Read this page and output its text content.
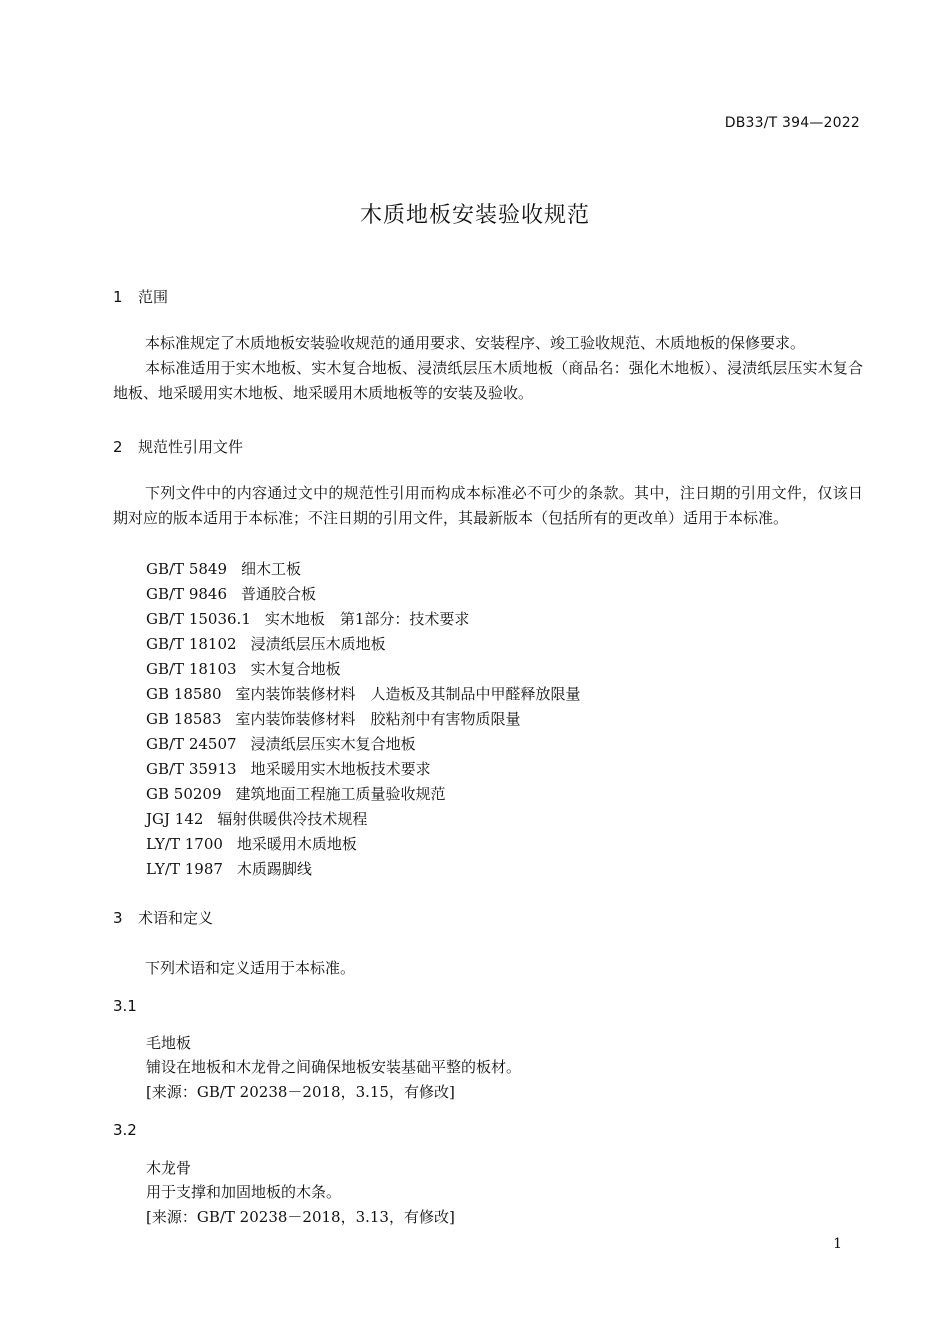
DB33/T 394—2022
木质地板安装验收规范
1 范围
本标准规定了木质地板安装验收规范的通用要求、安装程序、竣工验收规范、木质地板的保修要求。
本标准适用于实木地板、实木复合地板、浸渍纸层压木质地板（商品名：强化木地板）、浸渍纸层压实木复合地板、地采暖用实木地板、地采暖用木质地板等的安装及验收。
2 规范性引用文件
下列文件中的内容通过文中的规范性引用而构成本标准必不可少的条款。其中，注日期的引用文件，仅该日期对应的版本适用于本标准；不注日期的引用文件，其最新版本（包括所有的更改单）适用于本标准。
GB/T 5849 细木工板
GB/T 9846 普通胶合板
GB/T 15036.1 实木地板　第1部分：技术要求
GB/T 18102 浸渍纸层压木质地板
GB/T 18103 实木复合地板
GB 18580 室内装饰装修材料　人造板及其制品中甲醛释放限量
GB 18583 室内装饰装修材料　胶粘剂中有害物质限量
GB/T 24507 浸渍纸层压实木复合地板
GB/T 35913 地采暖用实木地板技术要求
GB 50209 建筑地面工程施工质量验收规范
JGJ 142 辐射供暖供冷技术规程
LY/T 1700 地采暖用木质地板
LY/T 1987 木质踢脚线
3 术语和定义
下列术语和定义适用于本标准。
3.1
毛地板
铺设在地板和木龙骨之间确保地板安装基础平整的板材。
[来源：GB/T 20238－2018，3.15，有修改]
3.2
木龙骨
用于支撑和加固地板的木条。
[来源：GB/T 20238－2018，3.13，有修改]
1
